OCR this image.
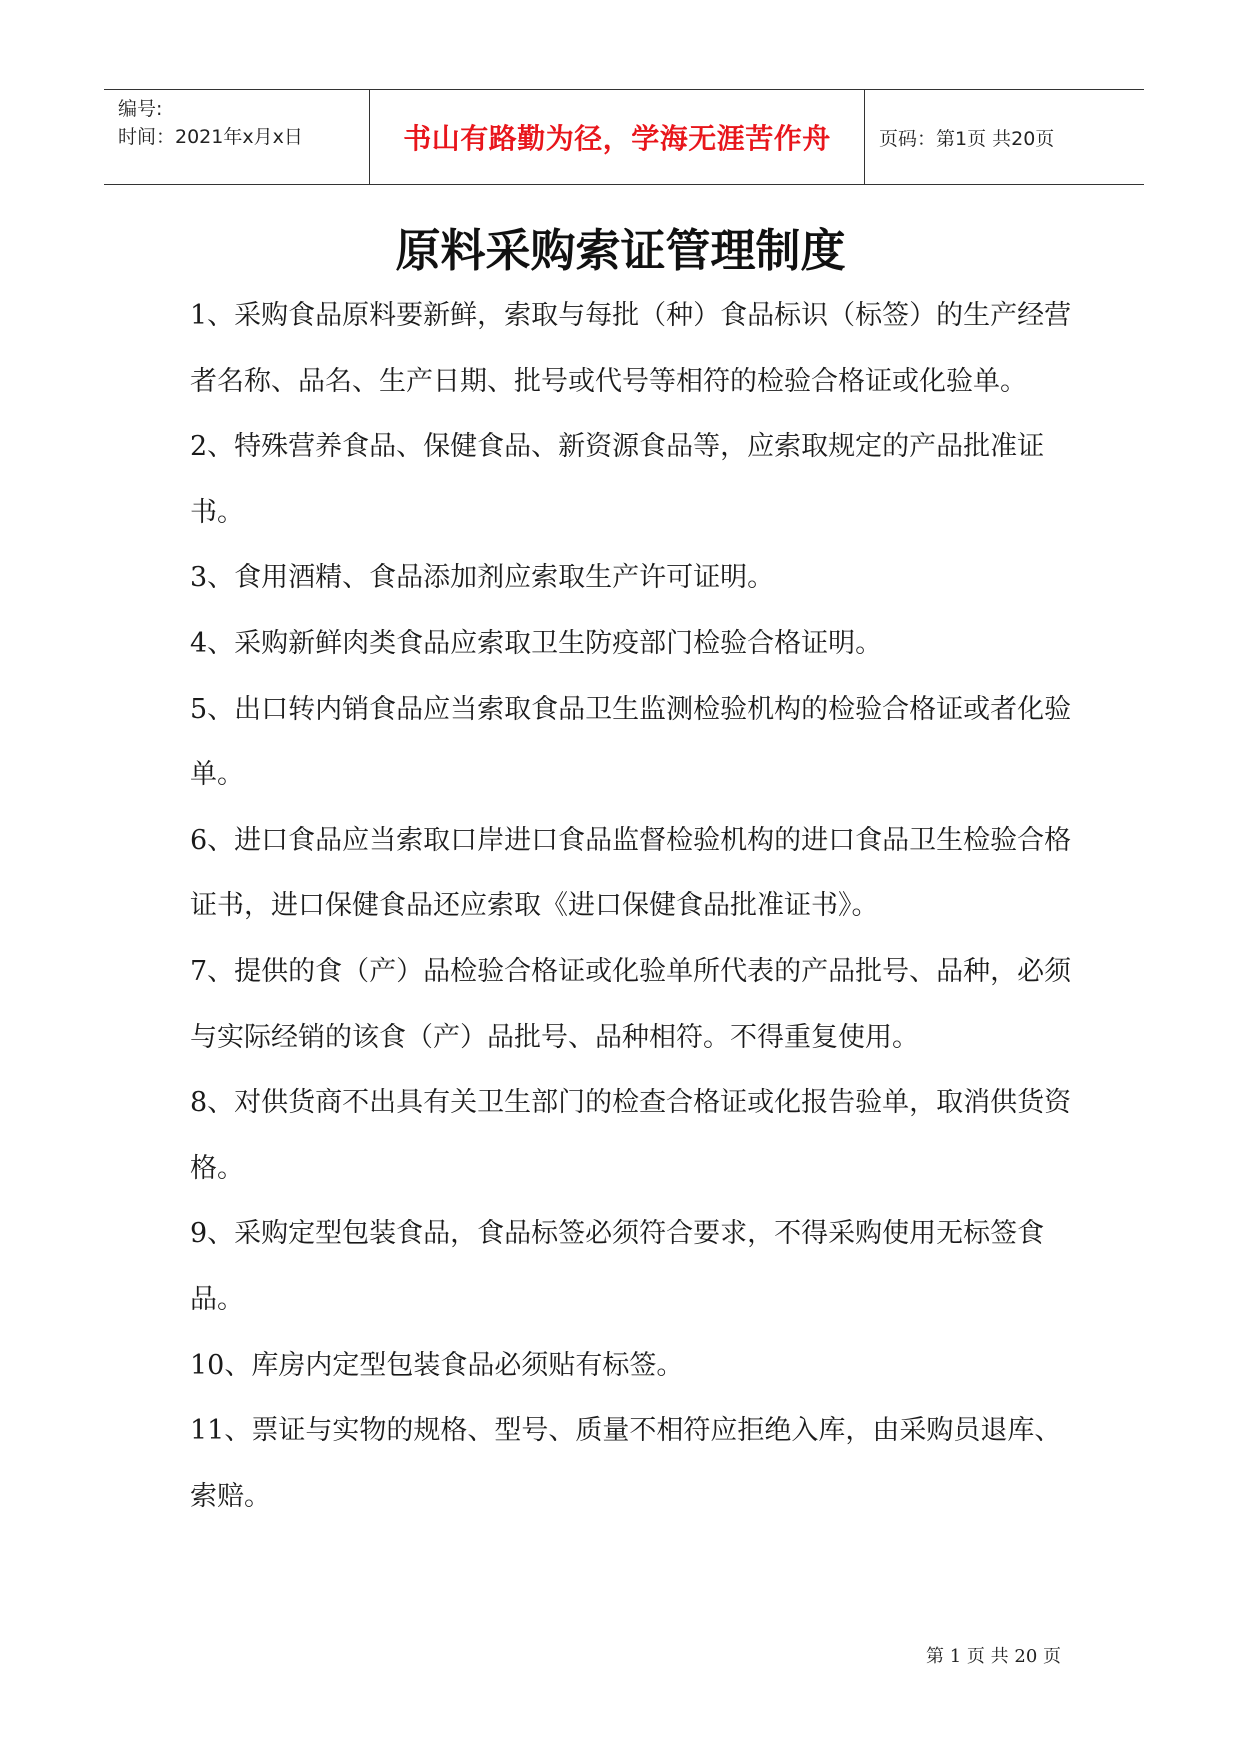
编号:
时间：2021年x月x日	书山有路勤为径，学海无涯苦作舟	页码：第1页 共20页
原料采购索证管理制度

1、采购食品原料要新鲜，索取与每批（种）食品标识（标签）的生产经营者名称、品名、生产日期、批号或代号等相符的检验合格证或化验单。

2、特殊营养食品、保健食品、新资源食品等，应索取规定的产品批准证书。

3、食用酒精、食品添加剂应索取生产许可证明。

4、采购新鲜肉类食品应索取卫生防疫部门检验合格证明。

5、出口转内销食品应当索取食品卫生监测检验机构的检验合格证或者化验单。

6、进口食品应当索取口岸进口食品监督检验机构的进口食品卫生检验合格证书，进口保健食品还应索取《进口保健食品批准证书》。

7、提供的食（产）品检验合格证或化验单所代表的产品批号、品种，必须与实际经销的该食（产）品批号、品种相符。不得重复使用。

8、对供货商不出具有关卫生部门的检查合格证或化报告验单，取消供货资格。

9、采购定型包装食品，食品标签必须符合要求，不得采购使用无标签食品。

10、库房内定型包装食品必须贴有标签。

11、票证与实物的规格、型号、质量不相符应拒绝入库，由采购员退库、索赔。

第 1 页 共 20 页
